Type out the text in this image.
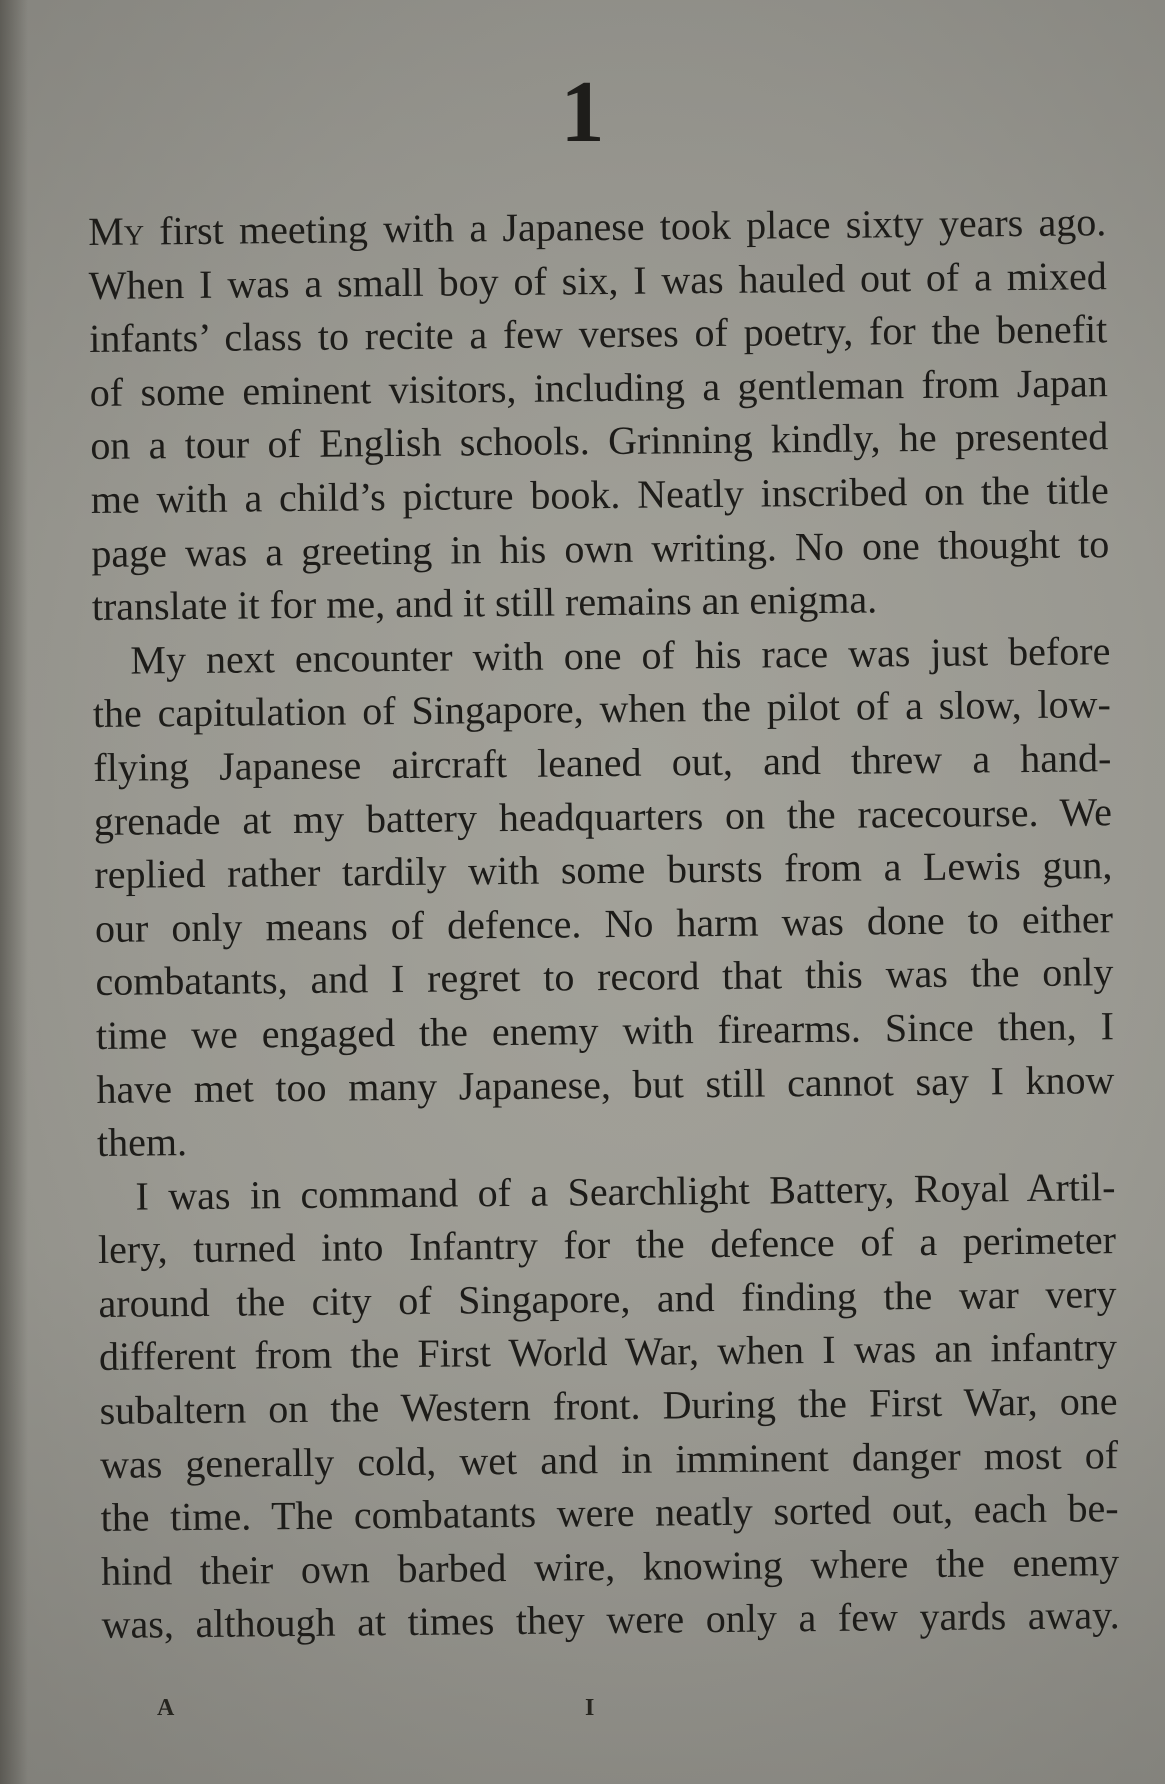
1
My first meeting with a Japanese took place sixty years ago.
When I was a small boy of six, I was hauled out of a mixed
infants’ class to recite a few verses of poetry, for the benefit
of some eminent visitors, including a gentleman from Japan
on a tour of English schools. Grinning kindly, he presented
me with a child’s picture book. Neatly inscribed on the title
page was a greeting in his own writing. No one thought to
translate it for me, and it still remains an enigma.
My next encounter with one of his race was just before
the capitulation of Singapore, when the pilot of a slow, low-
flying Japanese aircraft leaned out, and threw a hand-
grenade at my battery headquarters on the racecourse. We
replied rather tardily with some bursts from a Lewis gun,
our only means of defence. No harm was done to either
combatants, and I regret to record that this was the only
time we engaged the enemy with firearms. Since then, I
have met too many Japanese, but still cannot say I know
them.
I was in command of a Searchlight Battery, Royal Artil-
lery, turned into Infantry for the defence of a perimeter
around the city of Singapore, and finding the war very
different from the First World War, when I was an infantry
subaltern on the Western front. During the First War, one
was generally cold, wet and in imminent danger most of
the time. The combatants were neatly sorted out, each be-
hind their own barbed wire, knowing where the enemy
was, although at times they were only a few yards away.
A	I
